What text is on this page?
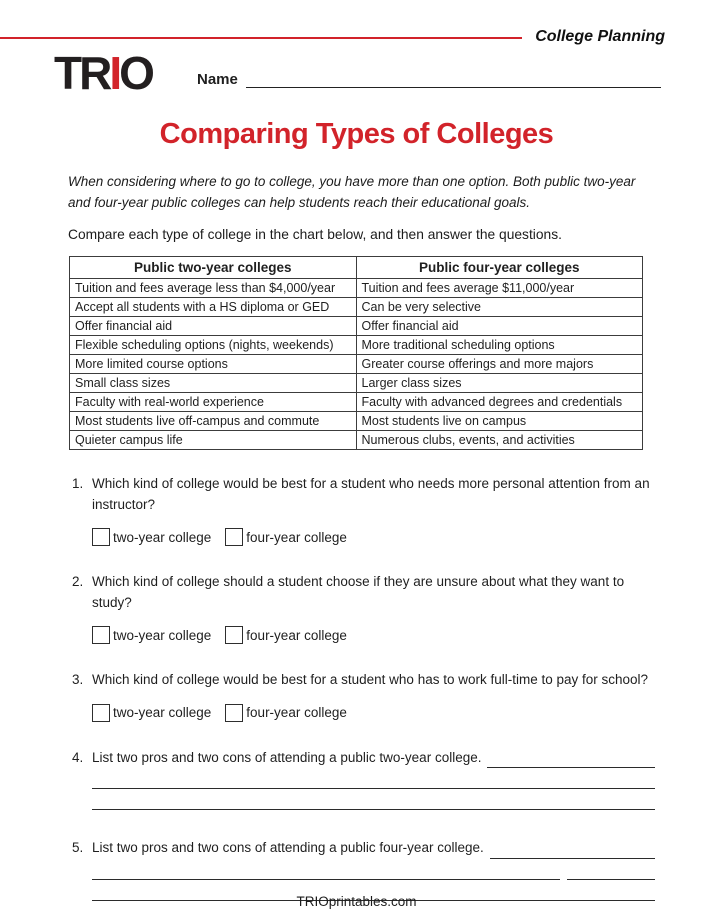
College Planning
TRIO	Name
Comparing Types of Colleges

When considering where to go to college, you have more than one option. Both public two-year and four-year public colleges can help students reach their educational goals.

Compare each type of college in the chart below, and then answer the questions.

Public two-year colleges	Public four-year colleges
Tuition and fees average less than $4,000/year	Tuition and fees average $11,000/year
Accept all students with a HS diploma or GED	Can be very selective
Offer financial aid	Offer financial aid
Flexible scheduling options (nights, weekends)	More traditional scheduling options
More limited course options	Greater course offerings and more majors
Small class sizes	Larger class sizes
Faculty with real-world experience	Faculty with advanced degrees and credentials
Most students live off-campus and commute	Most students live on campus
Quieter campus life	Numerous clubs, events, and activities
1. Which kind of college would be best for a student who needs more personal attention from an instructor?

two-year college	four-year college
2. Which kind of college should a student choose if they are unsure about what they want to study?

two-year college	four-year college
3. Which kind of college would be best for a student who has to work full-time to pay for school?

two-year college	four-year college
4. List two pros and two cons of attending a public two-year college.
5. List two pros and two cons of attending a public four-year college.
TRIOprintables.com
